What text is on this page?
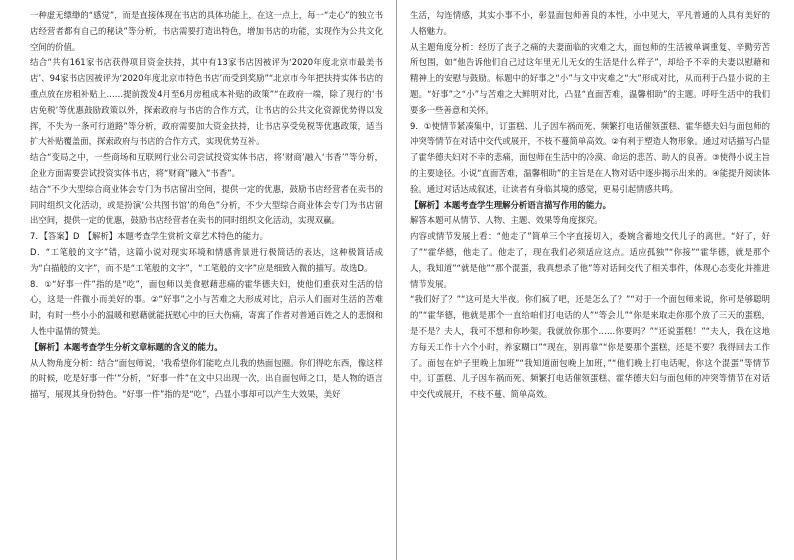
一种虚无缥缈的“感觉”，而是直接体现在书店的具体功能上，在这一点上，每一“走心”的独立书店经营者都有自己的秘诀”等分析，书店需要打造出特色，增加书店的功能，实现作为公共文化空间的价值。

结合“共有161家书店获得项目资金扶持，其中有13家书店因被评为‘2020年度北京市最美书店’、94家书店因被评为‘2020年度北京市特色书店’而受到奖励”“北京市今年把扶持实体书店的重点放在房租补贴上……提前拨发4月至6月房租成本补贴的政策”“在政府一端，除了现行的‘书店免税’等优惠鼓励政策以外，探索政府与书店的合作方式，让书店的公共文化资源优势得以发挥，不失为一条可行道路”等分析，政府需要加大资金扶持，让书店享受免税等优惠政策，适当扩大补贴覆盖面，探索政府与书店的合作方式，实现优势互补。

结合“变局之中，一些商场和互联网行业公司尝试投资实体书店，将‘财商’融入‘书香’”等分析，企业方面需要尝试投资实体书店，将“财商”融入“书香”。

结合“不少大型综合商业体会专门为书店留出空间，提供一定的优惠，鼓励书店经营者在卖书的同时组织文化活动，或是扮演‘公共图书馆’的角色”分析，不少大型综合商业体会专门为书店留出空间，提供一定的优惠，鼓励书店经营者在卖书的同时组织文化活动，实现双赢。

7．【答案】D　【解析】本题考查学生赏析文章艺术特色的能力。

D．“工笔般的文字”错，这篇小说对现实环境和情感背景进行极简话的表达，这种极简话成为“白描般的文字”，而不是“工笔般的文字”，“工笔般的文字”应是细致入微的描写。故选D。

8．①“好事一件”指的是“吃”，面包师以美食慰藉悲痛的霍华德夫妇，使他们重获对生活的信心，这是一件微小而美好的事。②“好事”之小与苦难之大形成对比，启示人们面对生活的苦难时，有时一些小小的温暖和慰藉就能抚慰心中的巨大伤痛，寄寓了作者对普通百姓之人的悲悯和人性中温情的赞美。

【解析】本题考查学生分析文章标题的含义的能力。

从人物角度分析：结合“面包师说，‘我希望你们能吃点儿我的热面包圈。你们得吃东西，像这样的时候，吃是好事一件’”分析，“好事一件”在文中只出现一次，出自面包师之口，是人物的语言描写，展现其身份特色。“好事一件”指的是“吃”，凸显小事却可以产生大效果，美好

生活，勾连情感，其实小事不小，彰显面包师善良的本性，小中见大，平凡普通的人具有美好的人格魅力。

从主题角度分析：经历了丧子之痛的夫妻面临的灾难之大，面包师的生活被单调重复、辛勤劳苦所包围，如“他告诉他们自己过这年里无儿无女的生活是什么样子”，却给予不幸的夫妻以慰藉和精神上的安慰与鼓励。标题中的好事之“小”与文中灾难之“大”形成对比，从而利于凸显小说的主题。“好事”之“小”与苦难之大鲜明对比，凸显“直面苦难，温馨相助”的主题。呼吁生活中的我们要多一些善意和关怀。

9．①使情节紧凑集中，订蛋糕、儿子因车祸而死、频繁打电话催领蛋糕、霍华德夫妇与面包师的冲突等情节在对话中交代或展开，不枝不蔓简单高效。②有利于塑造人物形象。通过对话描写凸显了霍华德夫妇对不幸的悲痛，面包师在生活中的冷漠、命运的悲苦、助人的良善。③使得小说主旨的主要途径。小说“直面苦难，温馨相助”的主旨是在人物对话中逐步揭示出来的。④能提升阅读体验。通过对话达成叙述，让读者有身临其境的感觉，更易引起情感共鸣。

【解析】本题考查学生理解分析语言描写作用的能力。

解答本题可从情节、人物、主题、效果等角度探究。

内容或情节发展上看：“他走了”简单三个字直接切入，委婉含蓄地交代儿子的离世。“好了，好了”“霍华德，他走了。他走了，现在我们必须适应这点。适应孤独”“你接”“霍华德，就是那个人，我知道”“就是他”“那个混蛋，我真想杀了他”等对话间交代了相关事件，体现心态变化并推进情节发展。

“我们好了？”“这可是大半夜。你们疯了吧，还是怎么了？”“对于一个面包师来说，你可是够聪明的”“霍华德，他就是那个一直给咱们打电话的人”“等会儿”“你是来取走你那个放了三天的蛋糕，是不是？夫人，我可不想和你吵架。我就放你那个……你要吗？”“还说蛋糕！”“夫人，我在这地方每天工作十六个小时，养家糊口”“现在，别再靠”“你是要那个蛋糕，还是不要？我得回去工作了。面包在炉子里晚上加班”“我知道面包晚上加班，”“他们晚上打电话呢，你这个混蛋”等情节中，订蛋糕、儿子因车祸而死、频繁打电话催领蛋糕、霍华德夫妇与面包师的冲突等情节在对话中交代或展开，不枝不蔓、简单高效。
